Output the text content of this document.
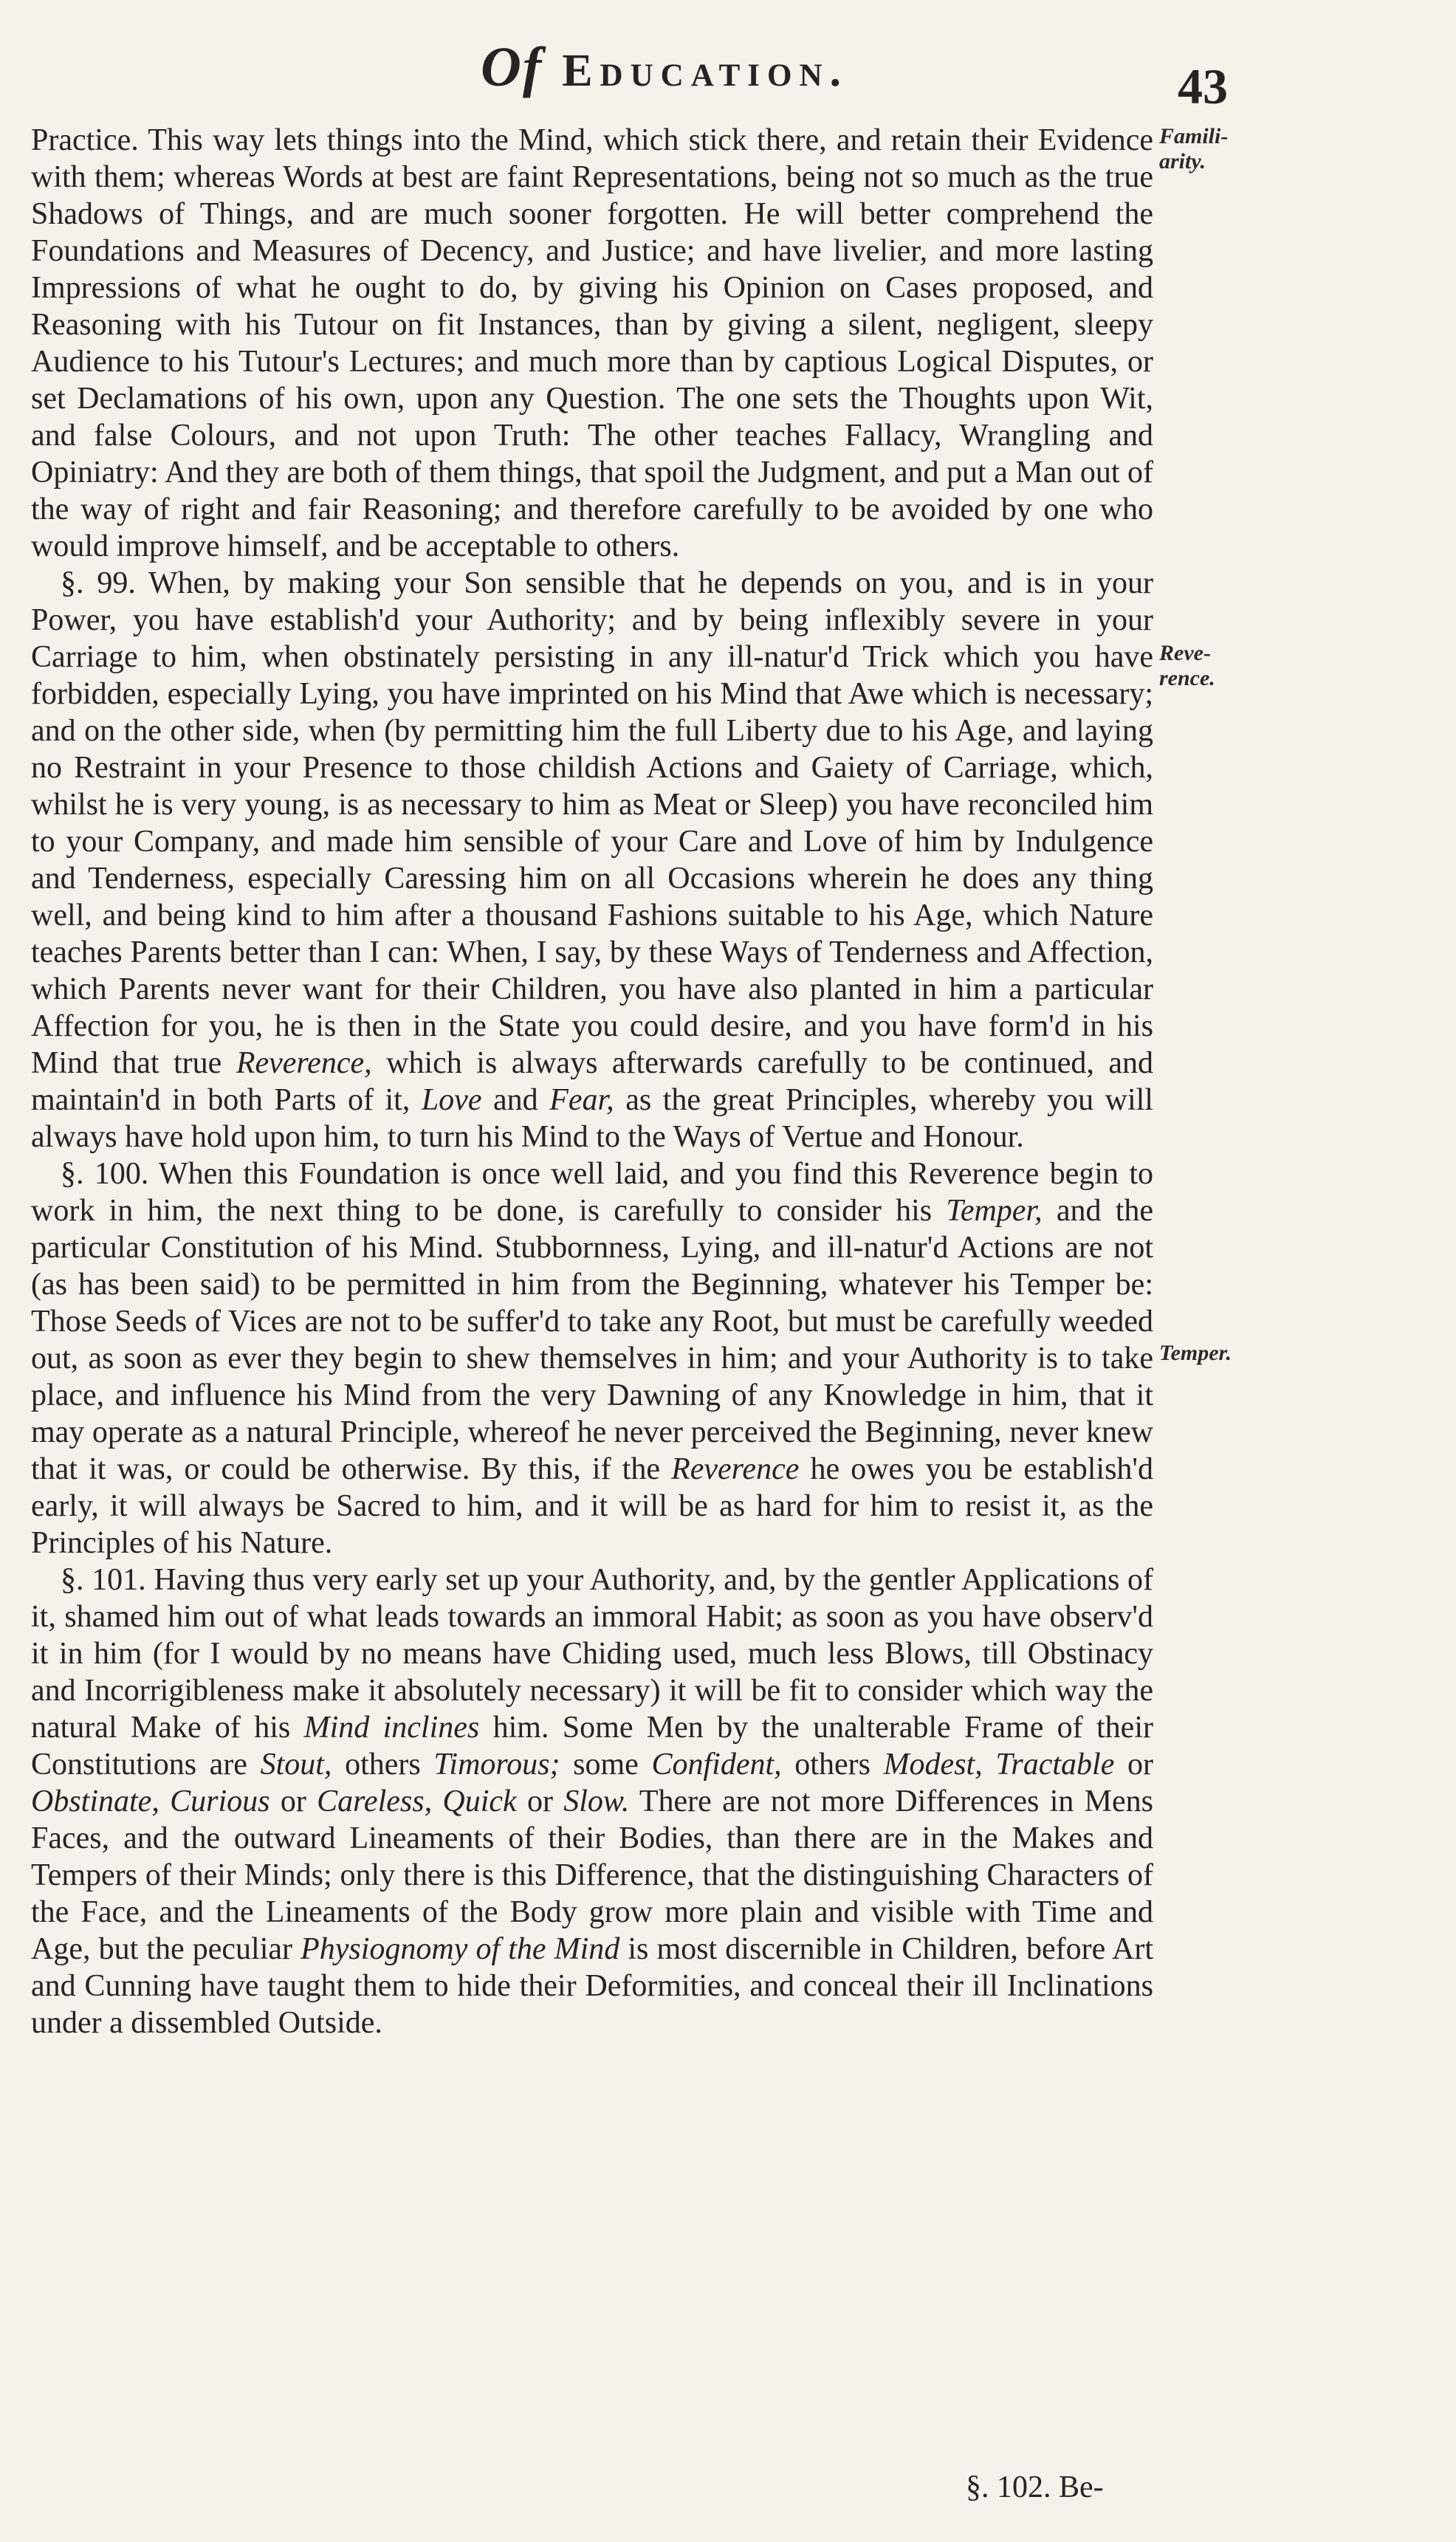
Of Education.	43
Famili-
arity.
Reve-
rence.
Temper.

Practice. This way lets things into the Mind, which stick there, and retain their Evidence with them; whereas Words at best are faint Representations, being not so much as the true Shadows of Things, and are much sooner forgotten. He will better comprehend the Foundations and Measures of Decency, and Justice; and have livelier, and more lasting Impressions of what he ought to do, by giving his Opinion on Cases proposed, and Reasoning with his Tutour on fit Instances, than by giving a silent, negligent, sleepy Audience to his Tutour's Lectures; and much more than by captious Logical Disputes, or set Declamations of his own, upon any Question. The one sets the Thoughts upon Wit, and false Colours, and not upon Truth: The other teaches Fallacy, Wrangling and Opiniatry: And they are both of them things, that spoil the Judgment, and put a Man out of the way of right and fair Reasoning; and therefore carefully to be avoided by one who would improve himself, and be acceptable to others.

§. 99. When, by making your Son sensible that he depends on you, and is in your Power, you have establish'd your Authority; and by being inflexibly severe in your Carriage to him, when obstinately persisting in any ill-natur'd Trick which you have forbidden, especially Lying, you have imprinted on his Mind that Awe which is necessary; and on the other side, when (by permitting him the full Liberty due to his Age, and laying no Restraint in your Presence to those childish Actions and Gaiety of Carriage, which, whilst he is very young, is as necessary to him as Meat or Sleep) you have reconciled him to your Company, and made him sensible of your Care and Love of him by Indulgence and Tenderness, especially Caressing him on all Occasions wherein he does any thing well, and being kind to him after a thousand Fashions suitable to his Age, which Nature teaches Parents better than I can: When, I say, by these Ways of Tenderness and Affection, which Parents never want for their Children, you have also planted in him a particular Affection for you, he is then in the State you could desire, and you have form'd in his Mind that true Reverence, which is always afterwards carefully to be continued, and maintain'd in both Parts of it, Love and Fear, as the great Principles, whereby you will always have hold upon him, to turn his Mind to the Ways of Vertue and Honour.

§. 100. When this Foundation is once well laid, and you find this Reverence begin to work in him, the next thing to be done, is carefully to consider his Temper, and the particular Constitution of his Mind. Stubbornness, Lying, and ill-natur'd Actions are not (as has been said) to be permitted in him from the Beginning, whatever his Temper be: Those Seeds of Vices are not to be suffer'd to take any Root, but must be carefully weeded out, as soon as ever they begin to shew themselves in him; and your Authority is to take place, and influence his Mind from the very Dawning of any Knowledge in him, that it may operate as a natural Principle, whereof he never perceived the Beginning, never knew that it was, or could be otherwise. By this, if the Reverence he owes you be establish'd early, it will always be Sacred to him, and it will be as hard for him to resist it, as the Principles of his Nature.

§. 101. Having thus very early set up your Authority, and, by the gentler Applications of it, shamed him out of what leads towards an immoral Habit; as soon as you have observ'd it in him (for I would by no means have Chiding used, much less Blows, till Obstinacy and Incorrigibleness make it absolutely necessary) it will be fit to consider which way the natural Make of his Mind inclines him. Some Men by the unalterable Frame of their Constitutions are Stout, others Timorous; some Confident, others Modest, Tractable or Obstinate, Curious or Careless, Quick or Slow. There are not more Differences in Mens Faces, and the outward Lineaments of their Bodies, than there are in the Makes and Tempers of their Minds; only there is this Difference, that the distinguishing Characters of the Face, and the Lineaments of the Body grow more plain and visible with Time and Age, but the peculiar Physiognomy of the Mind is most discernible in Children, before Art and Cunning have taught them to hide their Deformities, and conceal their ill Inclinations under a dissembled Outside.

§. 102. Be-
